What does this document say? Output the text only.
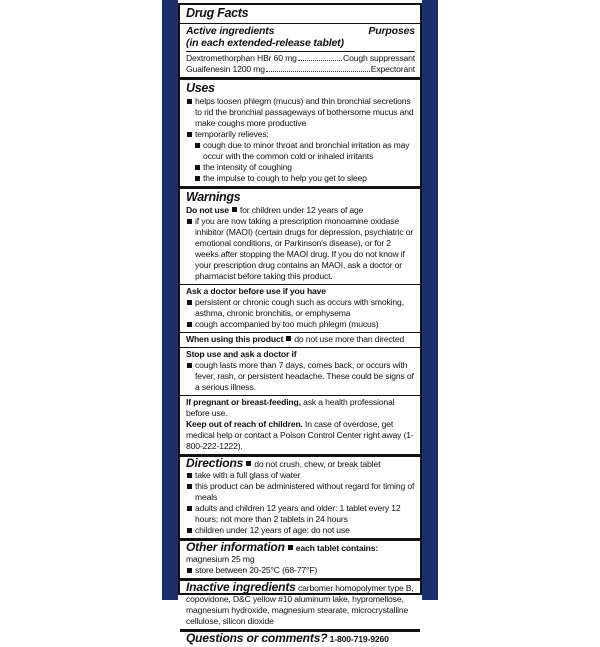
Drug Facts
Active ingredients	Purposes
(in each extended-release tablet)
Dextromethorphan HBr 60 mg	Cough suppressant
Guaifenesin 1200 mg	Expectorant
Uses
helps loosen phlegm (mucus) and thin bronchial secretions to rid the bronchial passageways of bothersome mucus and make coughs more productive
temporarily relieves:
cough due to minor throat and bronchial irritation as may occur with the common cold or inhaled irritants
the intensity of coughing
the impulse to cough to help you get to sleep
Warnings
Do not use for children under 12 years of age
if you are now taking a prescription monoamine oxidase inhibitor (MAOI) (certain drugs for depression, psychiatric or emotional conditions, or Parkinson's disease), or for 2 weeks after stopping the MAOI drug. If you do not know if your prescription drug contains an MAOI, ask a doctor or pharmacist before taking this product.
Ask a doctor before use if you have
persistent or chronic cough such as occurs with smoking, asthma, chronic bronchitis, or emphysema
cough accompanied by too much phlegm (mucus)
When using this product do not use more than directed
Stop use and ask a doctor if
cough lasts more than 7 days, comes back, or occurs with fever, rash, or persistent headache. These could be signs of a serious illness.
If pregnant or breast-feeding, ask a health professional before use.
Keep out of reach of children. In case of overdose, get medical help or contact a Poison Control Center right away (1-800-222-1222).
Directions do not crush, chew, or break tablet
take with a full glass of water
this product can be administered without regard for timing of meals
adults and children 12 years and older: 1 tablet every 12 hours; not more than 2 tablets in 24 hours
children under 12 years of age: do not use
Other information each tablet contains: magnesium 25 mg
store between 20-25°C (68-77°F)
Inactive ingredients carbomer homopolymer type B, copovidone, D&C yellow #10 aluminum lake, hypromellose, magnesium hydroxide, magnesium stearate, microcrystalline cellulose, silicon dioxide
Questions or comments? 1-800-719-9260
